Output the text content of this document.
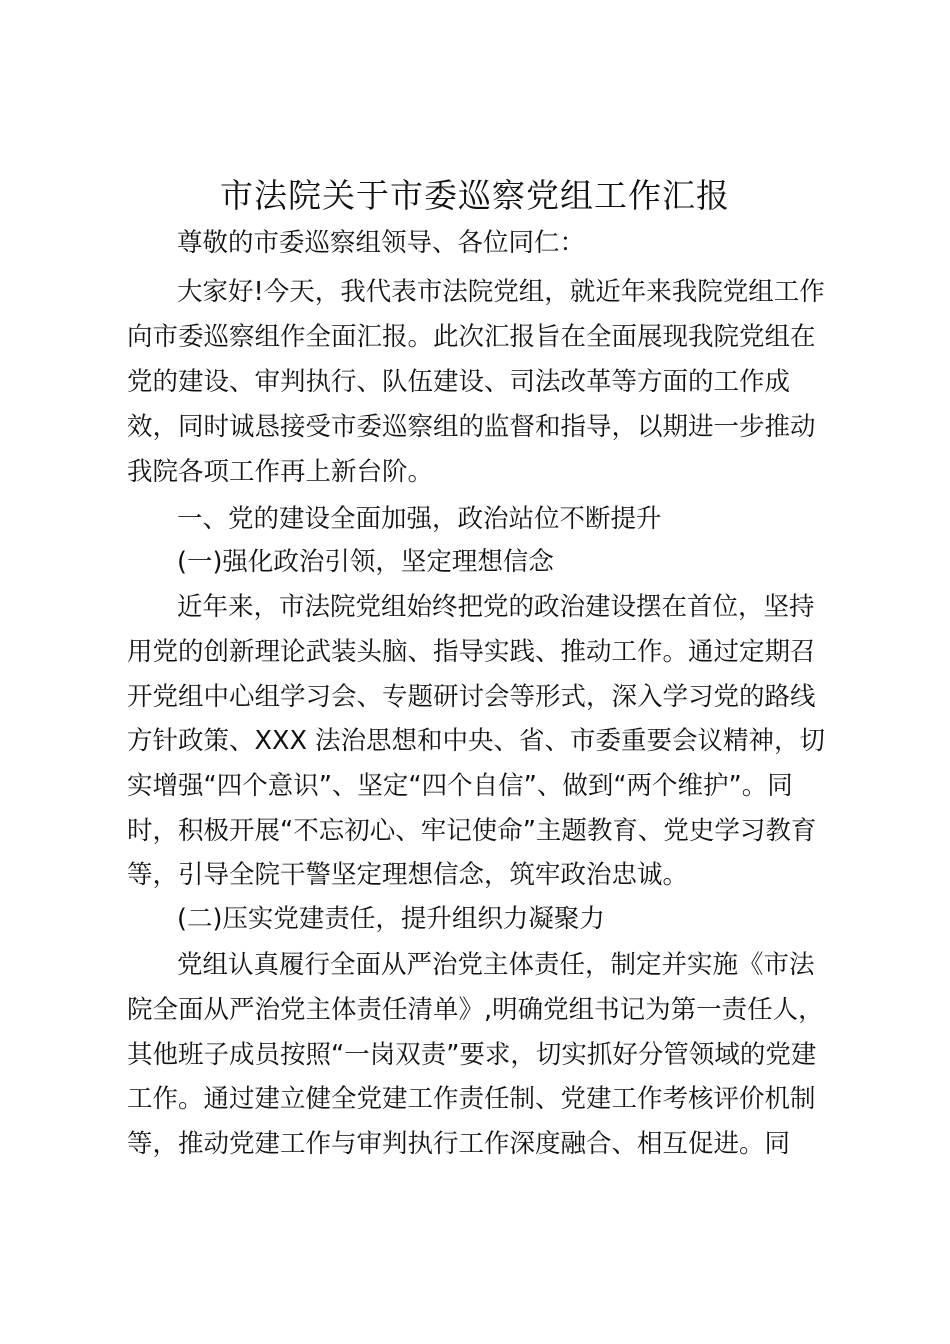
市法院关于市委巡察党组工作汇报
尊敬的市委巡察组领导、各位同仁：
大家好!今天，我代表市法院党组，就近年来我院党组工作
向市委巡察组作全面汇报。此次汇报旨在全面展现我院党组在
党的建设、审判执行、队伍建设、司法改革等方面的工作成
效，同时诚恳接受市委巡察组的监督和指导，以期进一步推动
我院各项工作再上新台阶。
一、党的建设全面加强，政治站位不断提升
(一)强化政治引领，坚定理想信念
近年来，市法院党组始终把党的政治建设摆在首位，坚持
用党的创新理论武装头脑、指导实践、推动工作。通过定期召
开党组中心组学习会、专题研讨会等形式，深入学习党的路线
方针政策、XXX 法治思想和中央、省、市委重要会议精神，切
实增强“四个意识”、坚定“四个自信”、做到“两个维护”。同
时，积极开展“不忘初心、牢记使命”主题教育、党史学习教育
等，引导全院干警坚定理想信念，筑牢政治忠诚。
(二)压实党建责任，提升组织力凝聚力
党组认真履行全面从严治党主体责任，制定并实施《市法
院全面从严治党主体责任清单》,明确党组书记为第一责任人，
其他班子成员按照“一岗双责”要求，切实抓好分管领域的党建
工作。通过建立健全党建工作责任制、党建工作考核评价机制
等，推动党建工作与审判执行工作深度融合、相互促进。同
